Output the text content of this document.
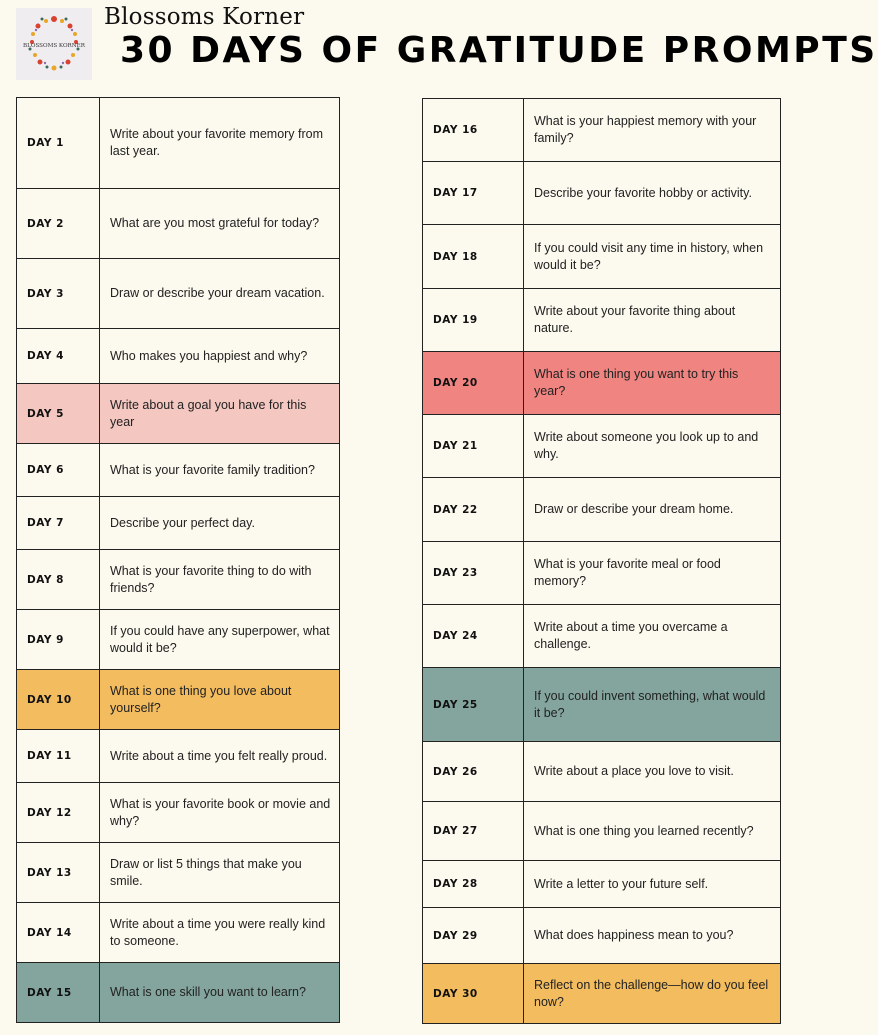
BLOSSOMS KORNER
Blossoms Korner
30 DAYS OF GRATITUDE PROMPTS
DAY 1	Write about your favorite memory from last year.
DAY 2	What are you most grateful for today?
DAY 3	Draw or describe your dream vacation.
DAY 4	Who makes you happiest and why?
DAY 5	Write about a goal you have for this year
DAY 6	What is your favorite family tradition?
DAY 7	Describe your perfect day.
DAY 8	What is your favorite thing to do with friends?
DAY 9	If you could have any superpower, what would it be?
DAY 10	What is one thing you love about yourself?
DAY 11	Write about a time you felt really proud.
DAY 12	What is your favorite book or movie and why?
DAY 13	Draw or list 5 things that make you smile.
DAY 14	Write about a time you were really kind to someone.
DAY 15	What is one skill you want to learn?
DAY 16	What is your happiest memory with your family?
DAY 17	Describe your favorite hobby or activity.
DAY 18	If you could visit any time in history, when would it be?
DAY 19	Write about your favorite thing about nature.
DAY 20	What is one thing you want to try this year?
DAY 21	Write about someone you look up to and why.
DAY 22	Draw or describe your dream home.
DAY 23	What is your favorite meal or food memory?
DAY 24	Write about a time you overcame a challenge.
DAY 25	If you could invent something, what would it be?
DAY 26	Write about a place you love to visit.
DAY 27	What is one thing you learned recently?
DAY 28	Write a letter to your future self.
DAY 29	What does happiness mean to you?
DAY 30	Reflect on the challenge—how do you feel now?
